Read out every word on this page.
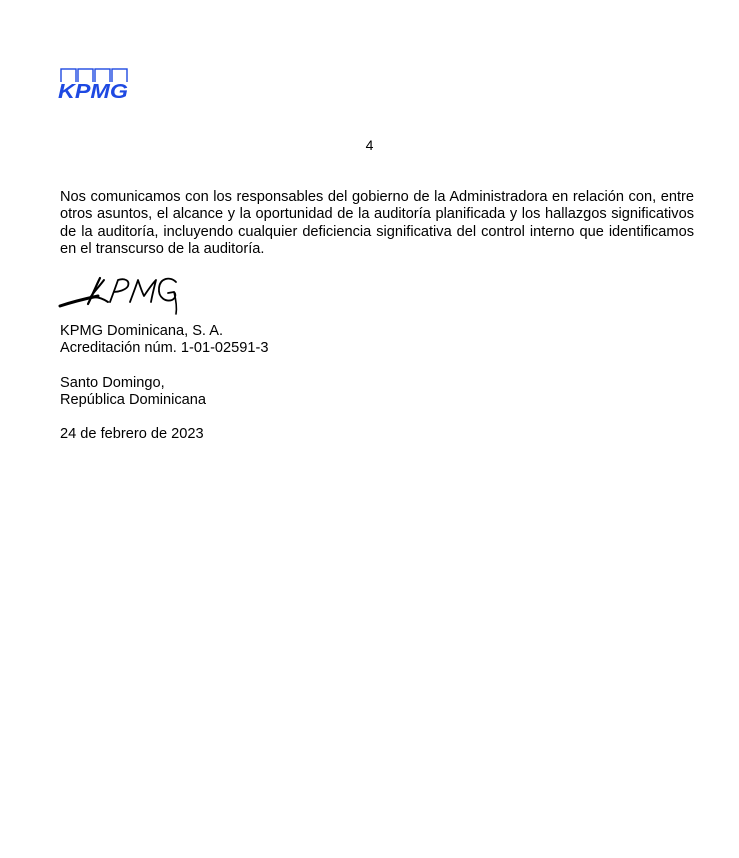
KPMG
4

Nos comunicamos con los responsables del gobierno de la Administradora en relación con, entre otros asuntos, el alcance y la oportunidad de la auditoría planificada y los hallazgos significativos de la auditoría, incluyendo cualquier deficiencia significativa del control interno que identificamos en el transcurso de la auditoría.

KPMG Dominicana, S. A.
Acreditación núm. 1-01-02591-3
Santo Domingo,
República Dominicana
24 de febrero de 2023
